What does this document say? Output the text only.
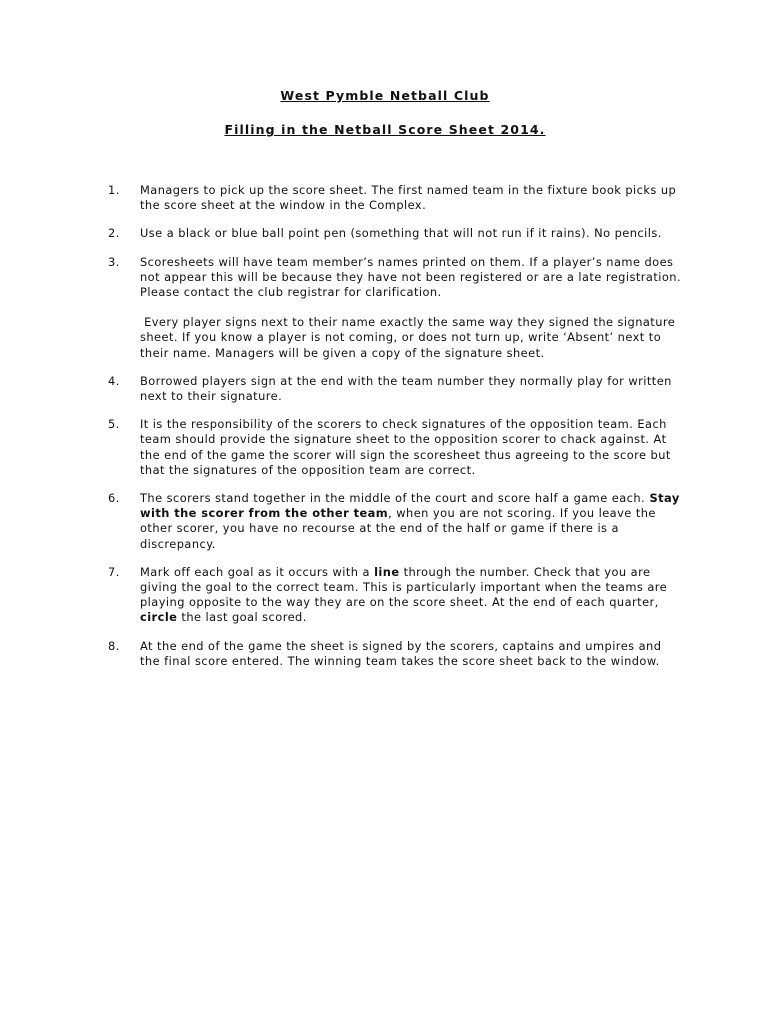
West Pymble Netball Club
Filling in the Netball Score Sheet 2014.
1.	Managers to pick up the score sheet. The first named team in the fixture book picks up the score sheet at the window in the Complex.

2.	Use a black or blue ball point pen (something that will not run if it rains). No pencils.

3.	Scoresheets will have team member’s names printed on them. If a player’s name does not appear this will be because they have not been registered or are a late registration. Please contact the club registrar for clarification.

Every player signs next to their name exactly the same way they signed the signature sheet. If you know a player is not coming, or does not turn up, write ‘Absent’ next to their name. Managers will be given a copy of the signature sheet.

4.	Borrowed players sign at the end with the team number they normally play for written next to their signature.

5.	It is the responsibility of the scorers to check signatures of the opposition team. Each team should provide the signature sheet to the opposition scorer to chack against. At the end of the game the scorer will sign the scoresheet thus agreeing to the score but that the signatures of the opposition team are correct.

6.	The scorers stand together in the middle of the court and score half a game each. Stay with the scorer from the other team, when you are not scoring. If you leave the other scorer, you have no recourse at the end of the half or game if there is a discrepancy.

7.	Mark off each goal as it occurs with a line through the number. Check that you are giving the goal to the correct team. This is particularly important when the teams are playing opposite to the way they are on the score sheet. At the end of each quarter, circle the last goal scored.

8.	At the end of the game the sheet is signed by the scorers, captains and umpires and the final score entered. The winning team takes the score sheet back to the window.
